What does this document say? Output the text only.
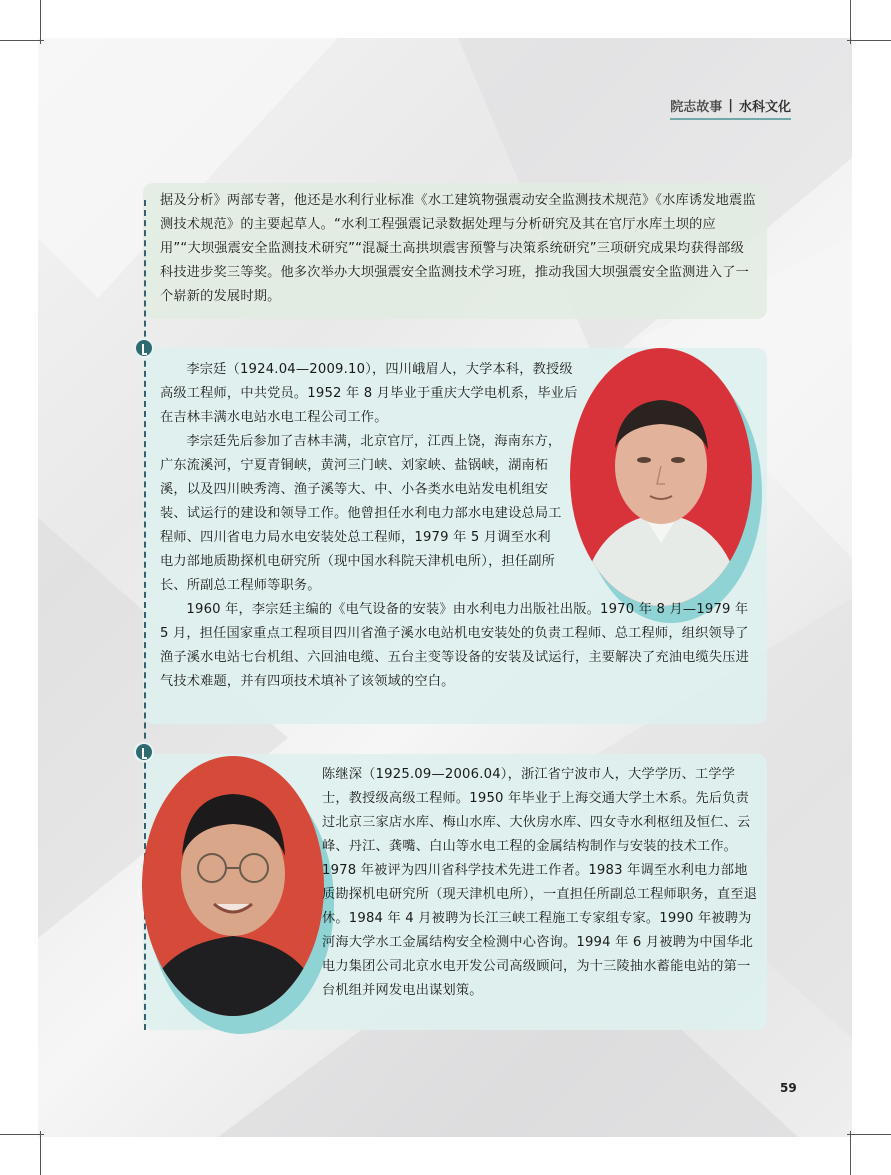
院志故事 | 水科文化
据及分析》两部专著，他还是水利行业标准《水工建筑物强震动安全监测技术规范》《水库诱发地震监测技术规范》的主要起草人。“水利工程强震记录数据处理与分析研究及其在官厅水库土坝的应用”“大坝强震安全监测技术研究”“混凝土高拱坝震害预警与决策系统研究”三项研究成果均获得部级科技进步奖三等奖。他多次举办大坝强震安全监测技术学习班，推动我国大坝强震安全监测进入了一个崭新的发展时期。
李宗廷（1924.04—2009.10），四川峨眉人，大学本科，教授级高级工程师，中共党员。1952 年 8 月毕业于重庆大学电机系，毕业后在吉林丰满水电站水电工程公司工作。
李宗廷先后参加了吉林丰满，北京官厅，江西上饶，海南东方，广东流溪河，宁夏青铜峡，黄河三门峡、刘家峡、盐锅峡，湖南柘溪，以及四川映秀湾、渔子溪等大、中、小各类水电站发电机组安装、试运行的建设和领导工作。他曾担任水利电力部水电建设总局工程师、四川省电力局水电安装处总工程师，1979 年 5 月调至水利电力部地质勘探机电研究所（现中国水科院天津机电所），担任副所长、所副总工程师等职务。
1960 年，李宗廷主编的《电气设备的安装》由水利电力出版社出版。1970 年 8 月—1979 年 5 月，担任国家重点工程项目四川省渔子溪水电站机电安装处的负责工程师、总工程师，组织领导了渔子溪水电站七台机组、六回油电缆、五台主变等设备的安装及试运行，主要解决了充油电缆失压进气技术难题，并有四项技术填补了该领域的空白。
陈继深（1925.09—2006.04），浙江省宁波市人，大学学历、工学学士，教授级高级工程师。1950 年毕业于上海交通大学土木系。先后负责过北京三家店水库、梅山水库、大伙房水库、四女寺水利枢纽及恒仁、云峰、丹江、龚嘴、白山等水电工程的金属结构制作与安装的技术工作。1978 年被评为四川省科学技术先进工作者。1983 年调至水利电力部地质勘探机电研究所（现天津机电所），一直担任所副总工程师职务，直至退休。1984 年 4 月被聘为长江三峡工程施工专家组专家。1990 年被聘为河海大学水工金属结构安全检测中心咨询。1994 年 6 月被聘为中国华北电力集团公司北京水电开发公司高级顾问，为十三陵抽水蓄能电站的第一台机组并网发电出谋划策。
59
